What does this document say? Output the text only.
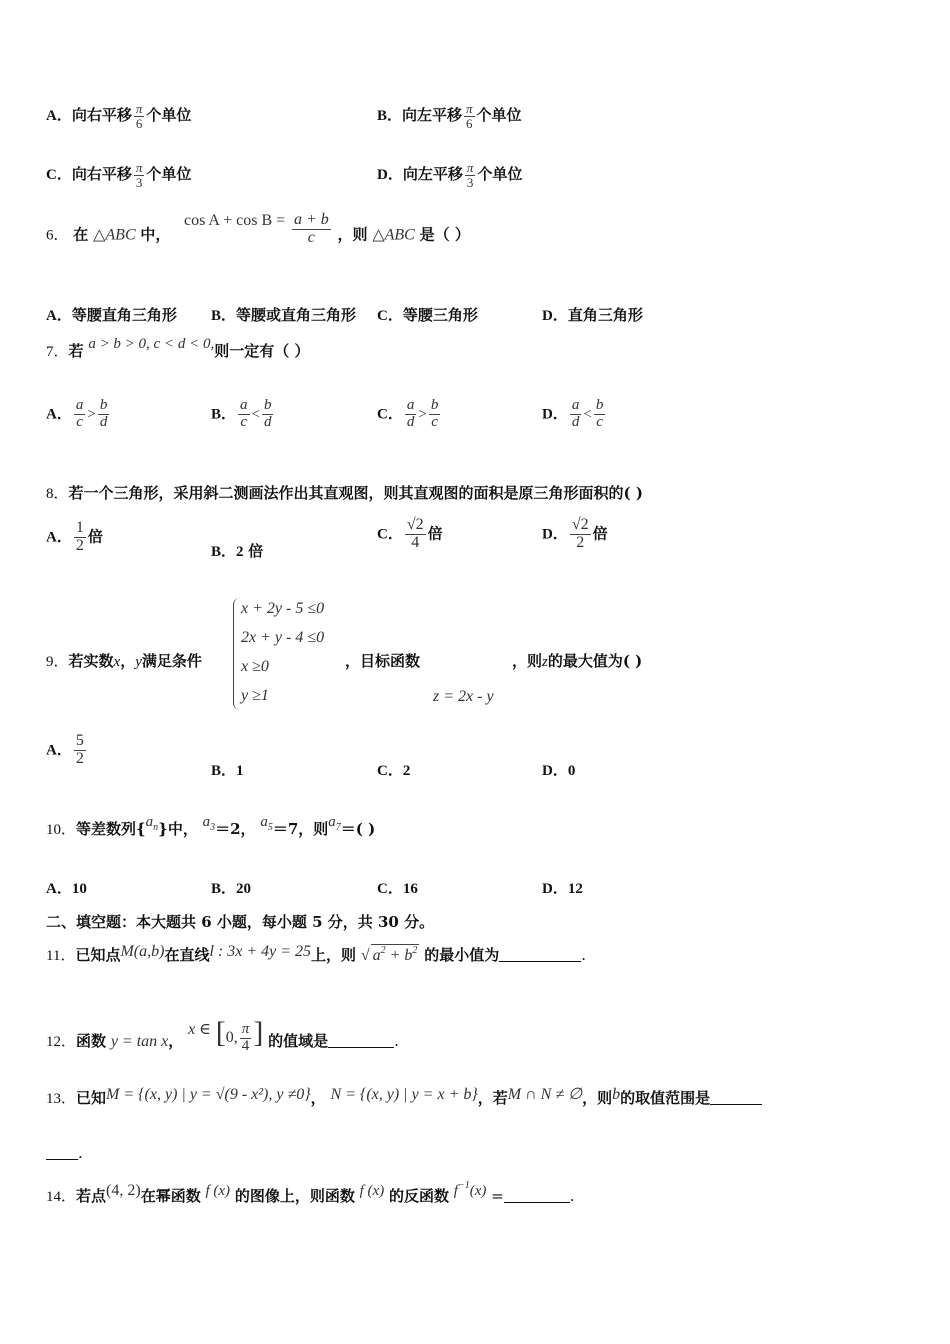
A．向右平移 $\frac{\pi}{6}$ 个单位	B．向左平移 $\frac{\pi}{6}$ 个单位
C．向右平移 $\frac{\pi}{3}$ 个单位	D．向左平移 $\frac{\pi}{3}$ 个单位
6． 在 △ABC 中，  $\cos A + \cos B = \frac{a + b}{c}$ ，则 △ABC 是（ ）
A．等腰直角三角形 B．等腰或直角三角形 C．等腰三角形	D．直角三角形
7．若 a > b > 0, c < d < 0,则一定有（ ）
A． $\frac{a}{c} > \frac{b}{d}$	B． $\frac{a}{c} < \frac{b}{d}$	C． $\frac{a}{d} > \frac{b}{c}$	D． $\frac{a}{d} < \frac{b}{c}$
8．若一个三角形，采用斜二测画法作出其直观图，则其直观图的面积是原三角形面积的( )
A． $\frac{1}{2}$ 倍
B．2 倍
C． $\frac{√2}{4}$ 倍	D． $\frac{√2}{2}$ 倍
9．若实数x，y满足条件
x + 2y - 5 ≤0
2x + y - 4 ≤0
x ≥0
y ≥1
，目标函数
z = 2x - y
，则z的最大值为( )
A． $\frac{5}{2}$
B．1	C．2	D．0
10．等差数列$\{a_n\}$中， $a_3=2$， $a_5=7$，则$a_7=$( )
A．10	B．20	C．16	D．12
二、填空题：本大题共 6 小题，每小题 5 分，共 30 分。
11．已知点M(a,b)在直线l : 3x + 4y = 25上，则 √ $a^2 + b^2$ 的最小值为	.
12．函数 y = tan x， x ∈ [0, $\frac{\pi}{4}$ ] 的值域是	.
13．已知M = {(x, y) | y = √(9 - x²), y ≠0}， N = {(x, y) | y = x + b}，若M ∩ N ≠ ∅，则b的取值范围是
.
14．若点(4, 2)在幂函数 f (x) 的图像上，则函数 f (x) 的反函数 $f^{-1}(x)$ =	.
